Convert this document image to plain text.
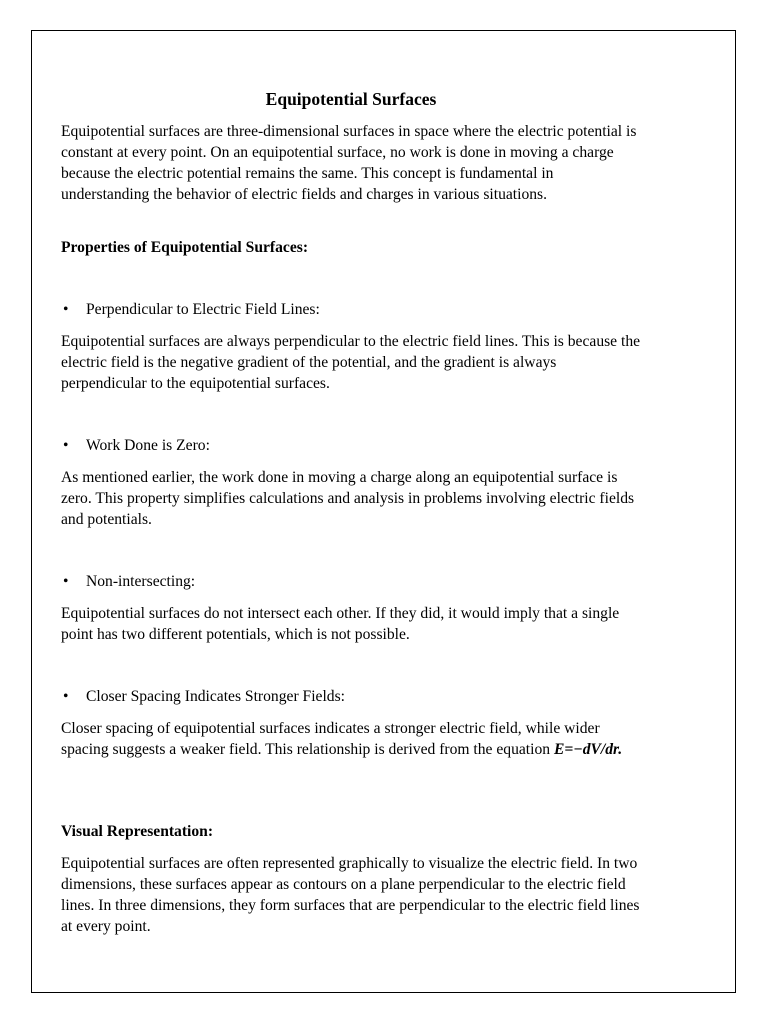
Equipotential Surfaces

Equipotential surfaces are three-dimensional surfaces in space where the electric potential is constant at every point. On an equipotential surface, no work is done in moving a charge because the electric potential remains the same. This concept is fundamental in understanding the behavior of electric fields and charges in various situations.

Properties of Equipotential Surfaces:

•	Perpendicular to Electric Field Lines:

Equipotential surfaces are always perpendicular to the electric field lines. This is because the electric field is the negative gradient of the potential, and the gradient is always perpendicular to the equipotential surfaces.

•	Work Done is Zero:

As mentioned earlier, the work done in moving a charge along an equipotential surface is zero. This property simplifies calculations and analysis in problems involving electric fields and potentials.

•	Non-intersecting:

Equipotential surfaces do not intersect each other. If they did, it would imply that a single point has two different potentials, which is not possible.

•	Closer Spacing Indicates Stronger Fields:

Closer spacing of equipotential surfaces indicates a stronger electric field, while wider spacing suggests a weaker field. This relationship is derived from the equation E=−dV/dr.

Visual Representation:

Equipotential surfaces are often represented graphically to visualize the electric field. In two dimensions, these surfaces appear as contours on a plane perpendicular to the electric field lines. In three dimensions, they form surfaces that are perpendicular to the electric field lines at every point.
